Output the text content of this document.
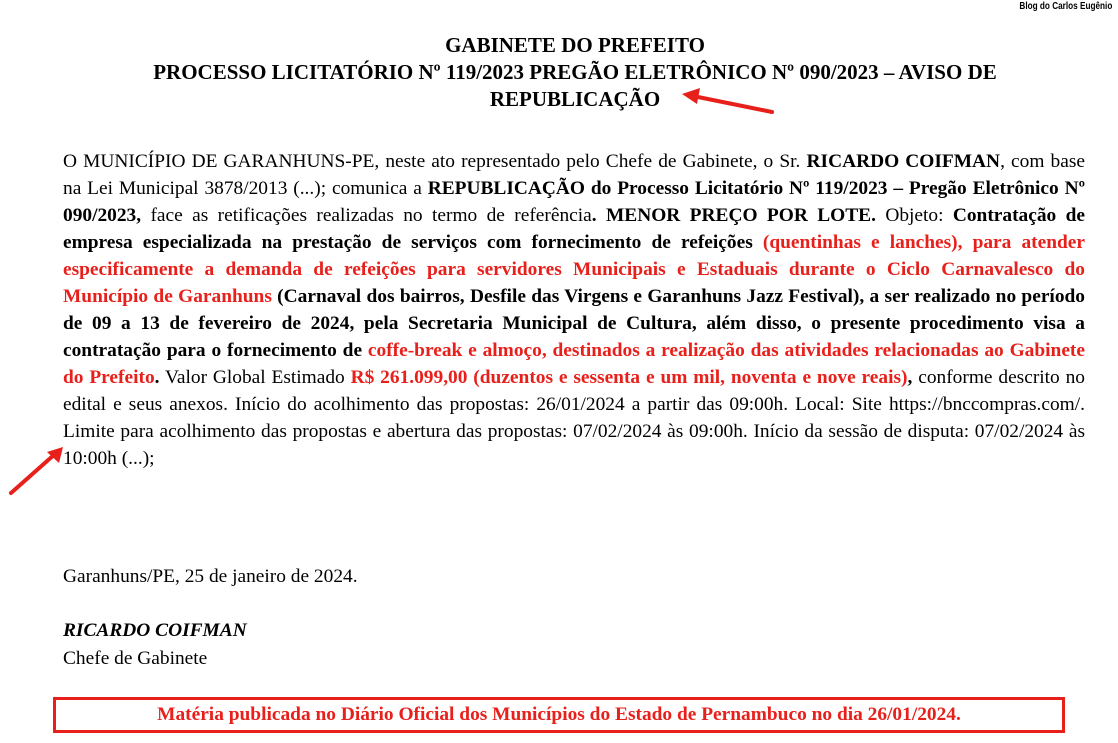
Blog do Carlos Eugênio
GABINETE DO PREFEITO
PROCESSO LICITATÓRIO Nº 119/2023 PREGÃO ELETRÔNICO Nº 090/2023 – AVISO DE REPUBLICAÇÃO
O MUNICÍPIO DE GARANHUNS-PE, neste ato representado pelo Chefe de Gabinete, o Sr. RICARDO COIFMAN, com base na Lei Municipal 3878/2013 (...); comunica a REPUBLICAÇÃO do Processo Licitatório Nº 119/2023 – Pregão Eletrônico Nº 090/2023, face as retificações realizadas no termo de referência. MENOR PREÇO POR LOTE. Objeto: Contratação de empresa especializada na prestação de serviços com fornecimento de refeições (quentinhas e lanches), para atender especificamente a demanda de refeições para servidores Municipais e Estaduais durante o Ciclo Carnavalesco do Município de Garanhuns (Carnaval dos bairros, Desfile das Virgens e Garanhuns Jazz Festival), a ser realizado no período de 09 a 13 de fevereiro de 2024, pela Secretaria Municipal de Cultura, além disso, o presente procedimento visa a contratação para o fornecimento de coffe-break e almoço, destinados a realização das atividades relacionadas ao Gabinete do Prefeito. Valor Global Estimado R$ 261.099,00 (duzentos e sessenta e um mil, noventa e nove reais), conforme descrito no edital e seus anexos. Início do acolhimento das propostas: 26/01/2024 a partir das 09:00h. Local: Site https://bnccompras.com/. Limite para acolhimento das propostas e abertura das propostas: 07/02/2024 às 09:00h. Início da sessão de disputa: 07/02/2024 às 10:00h (...);
Garanhuns/PE, 25 de janeiro de 2024.
RICARDO COIFMAN
Chefe de Gabinete
Matéria publicada no Diário Oficial dos Municípios do Estado de Pernambuco no dia 26/01/2024.
